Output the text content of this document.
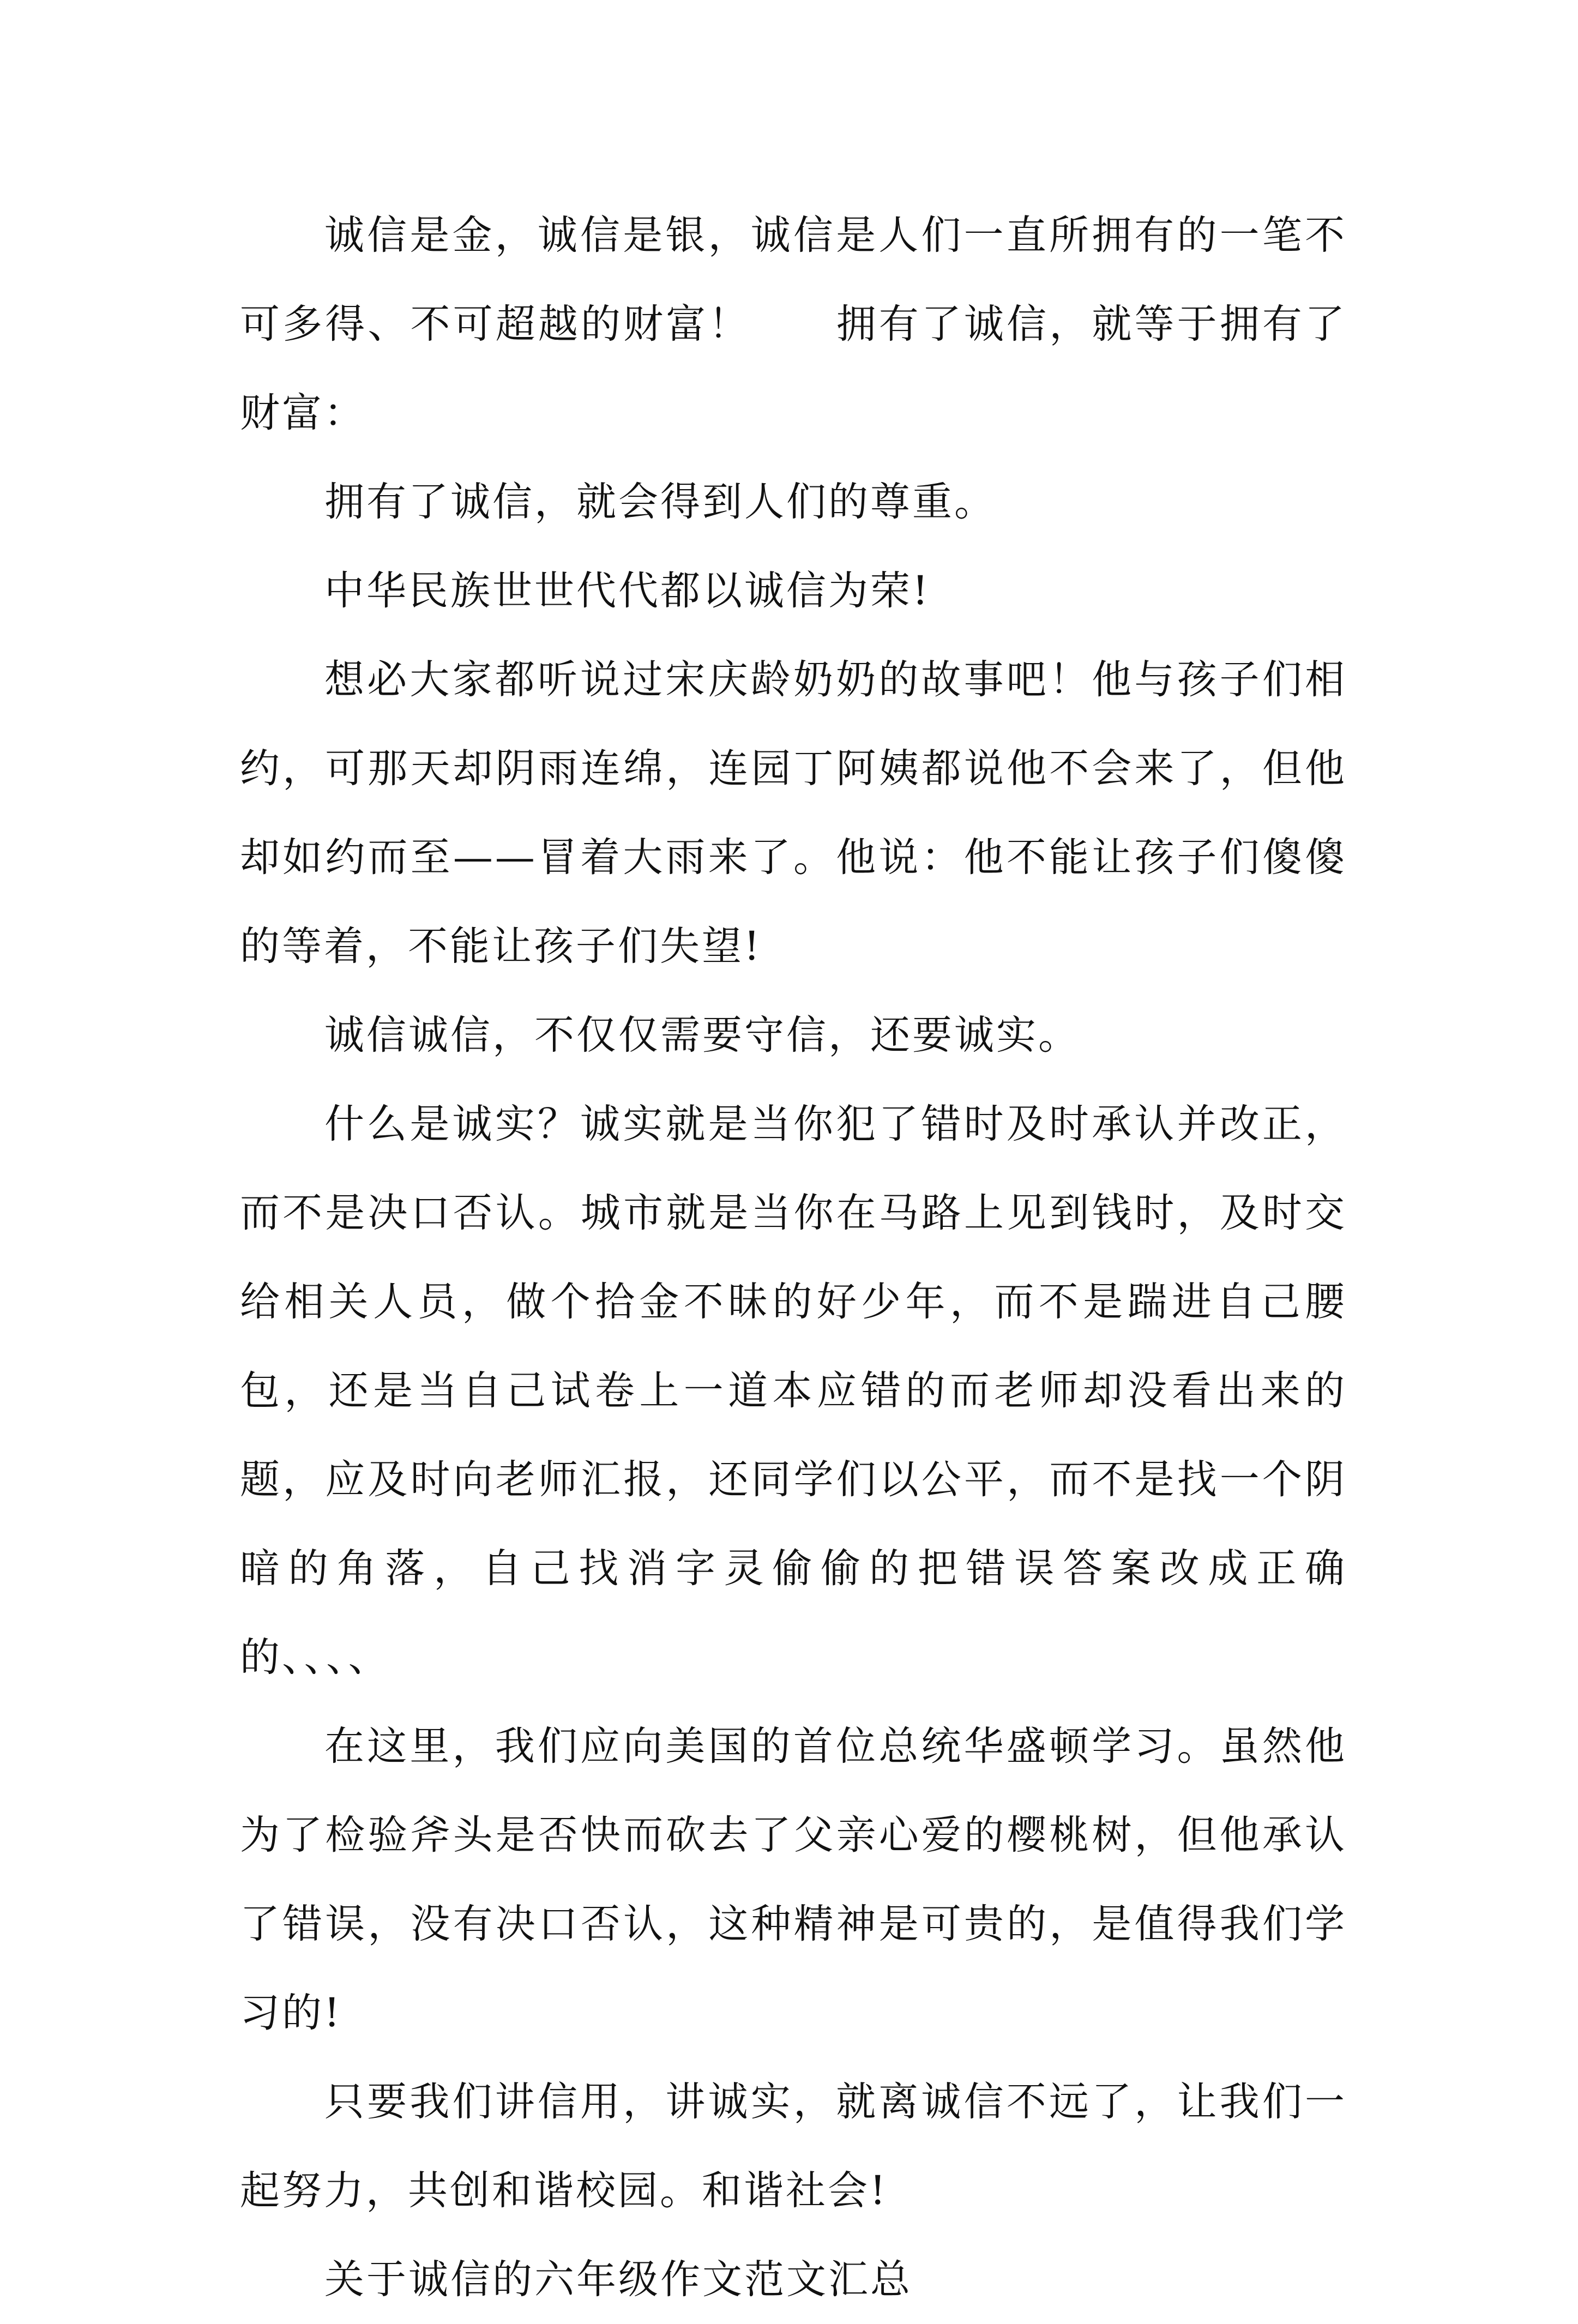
诚信是金，诚信是银，诚信是人们一直所拥有的一笔不可多得、不可超越的财富！　　拥有了诚信，就等于拥有了财富：

拥有了诚信，就会得到人们的尊重。

中华民族世世代代都以诚信为荣!

想必大家都听说过宋庆龄奶奶的故事吧！他与孩子们相约，可那天却阴雨连绵，连园丁阿姨都说他不会来了，但他却如约而至——冒着大雨来了。他说：他不能让孩子们傻傻的等着，不能让孩子们失望!

诚信诚信，不仅仅需要守信，还要诚实。

什么是诚实？诚实就是当你犯了错时及时承认并改正，而不是决口否认。城市就是当你在马路上见到钱时，及时交给相关人员，做个拾金不昧的好少年，而不是踹进自己腰包，还是当自己试卷上一道本应错的而老师却没看出来的题，应及时向老师汇报，还同学们以公平，而不是找一个阴暗的角落，自己找消字灵偷偷的把错误答案改成正确的、、、、

在这里，我们应向美国的首位总统华盛顿学习。虽然他为了检验斧头是否快而砍去了父亲心爱的樱桃树，但他承认了错误，没有决口否认，这种精神是可贵的，是值得我们学习的!

只要我们讲信用，讲诚实，就离诚信不远了，让我们一起努力，共创和谐校园。和谐社会!

关于诚信的六年级作文范文汇总
